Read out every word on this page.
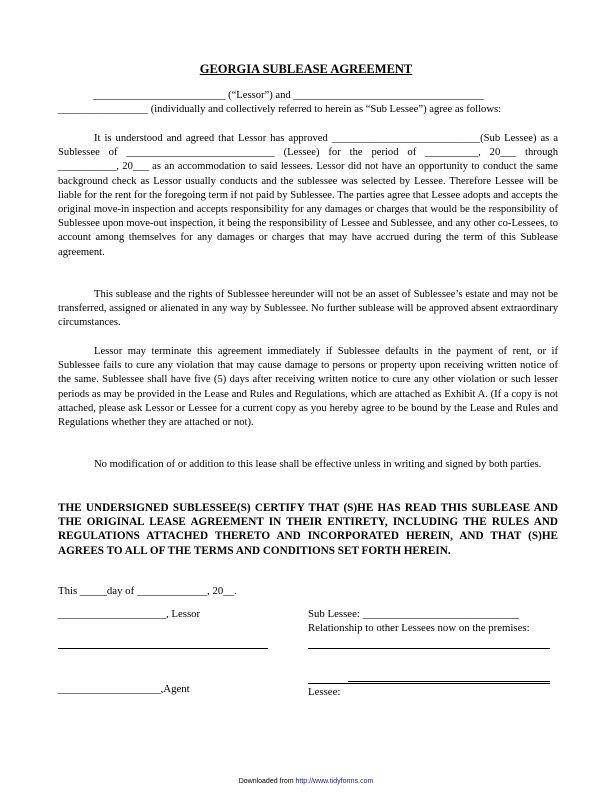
GEORGIA SUBLEASE AGREEMENT
_________________________ (“Lessor”) and ____________________________________
_________________ (individually and collectively referred to herein as “Sub Lessee”) agree as follows:

It is understood and agreed that Lessor has approved ____________________________(Sub Lessee) as a Sublessee of ____________________________ (Lessee) for the period of __________, 20___ through ___________, 20___ as an accommodation to said lessees. Lessor did not have an opportunity to conduct the same background check as Lessor usually conducts and the sublessee was selected by Lessee. Therefore Lessee will be liable for the rent for the foregoing term if not paid by Sublessee. The parties agree that Lessee adopts and accepts the original move-in inspection and accepts responsibility for any damages or charges that would be the responsibility of Sublessee upon move-out inspection, it being the responsibility of Lessee and Sublessee, and any other co-Lessees, to account among themselves for any damages or charges that may have accrued during the term of this Sublease agreement.

This sublease and the rights of Sublessee hereunder will not be an asset of Sublessee’s estate and may not be transferred, assigned or alienated in any way by Sublessee. No further sublease will be approved absent extraordinary circumstances.

Lessor may terminate this agreement immediately if Sublessee defaults in the payment of rent, or if Sublessee fails to cure any violation that may cause damage to persons or property upon receiving written notice of the same. Sublessee shall have five (5) days after receiving written notice to cure any other violation or such lesser periods as may be provided in the Lease and Rules and Regulations, which are attached as Exhibit A. (If a copy is not attached, please ask Lessor or Lessee for a current copy as you hereby agree to be bound by the Lease and Rules and Regulations whether they are attached or not).

No modification of or addition to this lease shall be effective unless in writing and signed by both parties.

THE UNDERSIGNED SUBLESSEE(S) CERTIFY THAT (S)HE HAS READ THIS SUBLEASE AND THE ORIGINAL LEASE AGREEMENT IN THEIR ENTIRETY, INCLUDING THE RULES AND REGULATIONS ATTACHED THERETO AND INCORPORATED HEREIN, AND THAT (S)HE AGREES TO ALL OF THE TERMS AND CONDITIONS SET FORTH HEREIN.
This _____day of _____________, 20__.
____________________, Lessor	Sub Lessee: _____________________________
Relationship to other Lessees now on the premises:
___________________,Agent	Lessee:
Downloaded from http://www.tidyforms.com
